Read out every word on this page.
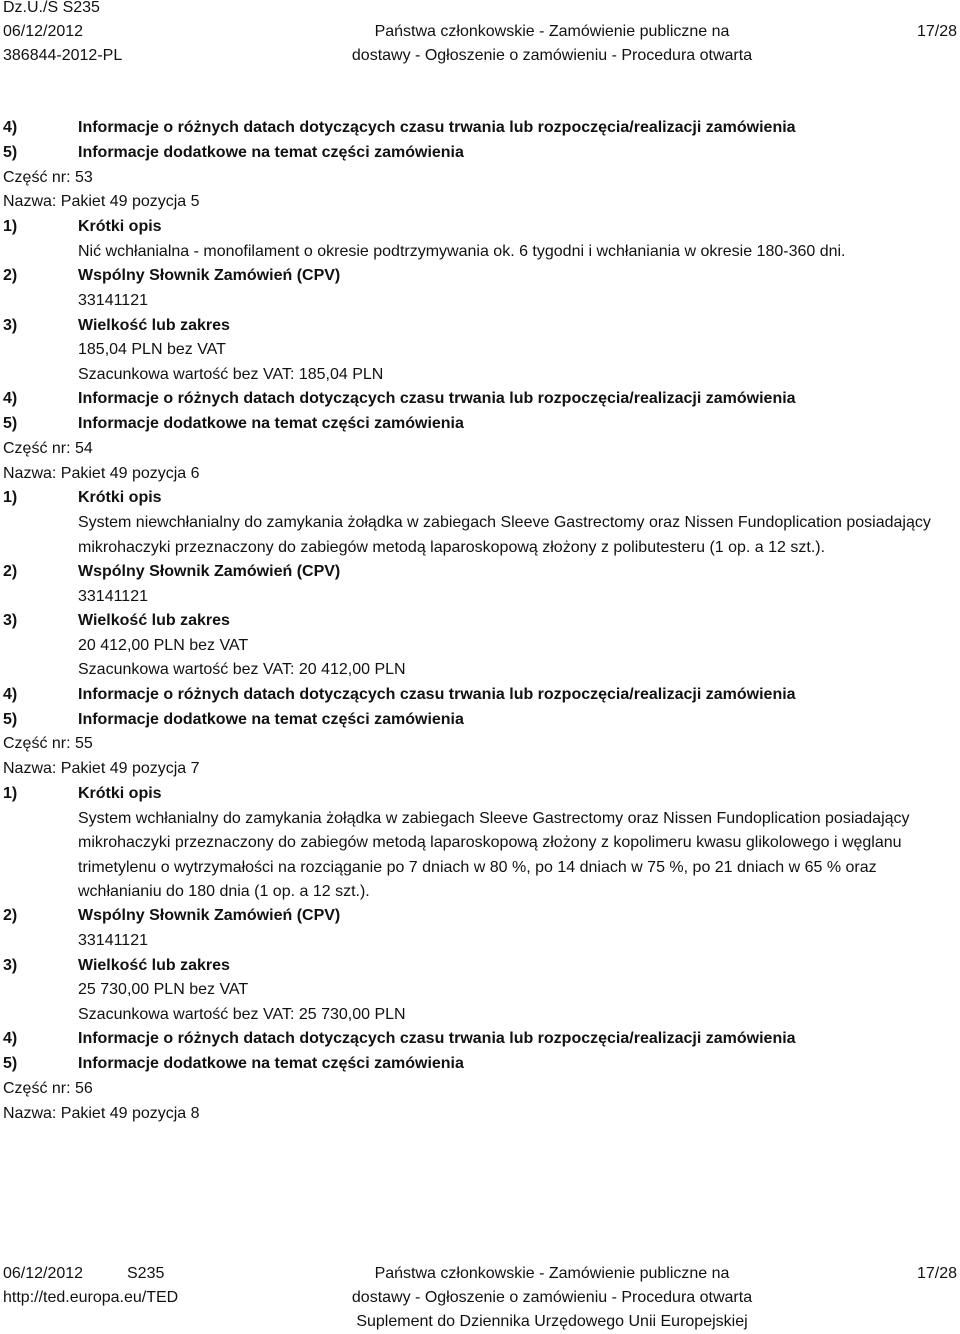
Dz.U./S S235
06/12/2012
386844-2012-PL
Państwa członkowskie - Zamówienie publiczne na
dostawy - Ogłoszenie o zamówieniu - Procedura otwarta
17/28
4)	Informacje o różnych datach dotyczących czasu trwania lub rozpoczęcia/realizacji zamówienia
5)	Informacje dodatkowe na temat części zamówienia
Część nr: 53
Nazwa: Pakiet 49 pozycja 5
1)	Krótki opis
Nić wchłanialna - monofilament o okresie podtrzymywania ok. 6 tygodni i wchłaniania w okresie 180-360 dni.
2)	Wspólny Słownik Zamówień (CPV)
33141121
3)	Wielkość lub zakres
185,04 PLN bez VAT
Szacunkowa wartość bez VAT: 185,04 PLN
4)	Informacje o różnych datach dotyczących czasu trwania lub rozpoczęcia/realizacji zamówienia
5)	Informacje dodatkowe na temat części zamówienia
Część nr: 54
Nazwa: Pakiet 49 pozycja 6
1)	Krótki opis
System niewchłanialny do zamykania żołądka w zabiegach Sleeve Gastrectomy oraz Nissen Fundoplication posiadający mikrohaczyki przeznaczony do zabiegów metodą laparoskopową złożony z polibutesteru (1 op. a 12 szt.).
2)	Wspólny Słownik Zamówień (CPV)
33141121
3)	Wielkość lub zakres
20 412,00 PLN bez VAT
Szacunkowa wartość bez VAT: 20 412,00 PLN
4)	Informacje o różnych datach dotyczących czasu trwania lub rozpoczęcia/realizacji zamówienia
5)	Informacje dodatkowe na temat części zamówienia
Część nr: 55
Nazwa: Pakiet 49 pozycja 7
1)	Krótki opis
System wchłanialny do zamykania żołądka w zabiegach Sleeve Gastrectomy oraz Nissen Fundoplication posiadający mikrohaczyki przeznaczony do zabiegów metodą laparoskopową złożony z kopolimeru kwasu glikolowego i węglanu trimetylenu o wytrzymałości na rozciąganie po 7 dniach w 80 %, po 14 dniach w 75 %, po 21 dniach w 65 % oraz wchłanianiu do 180 dnia (1 op. a 12 szt.).
2)	Wspólny Słownik Zamówień (CPV)
33141121
3)	Wielkość lub zakres
25 730,00 PLN bez VAT
Szacunkowa wartość bez VAT: 25 730,00 PLN
4)	Informacje o różnych datach dotyczących czasu trwania lub rozpoczęcia/realizacji zamówienia
5)	Informacje dodatkowe na temat części zamówienia
Część nr: 56
Nazwa: Pakiet 49 pozycja 8
06/12/2012	S235
http://ted.europa.eu/TED
Państwa członkowskie - Zamówienie publiczne na
dostawy - Ogłoszenie o zamówieniu - Procedura otwarta
Suplement do Dziennika Urzędowego Unii Europejskiej
17/28
